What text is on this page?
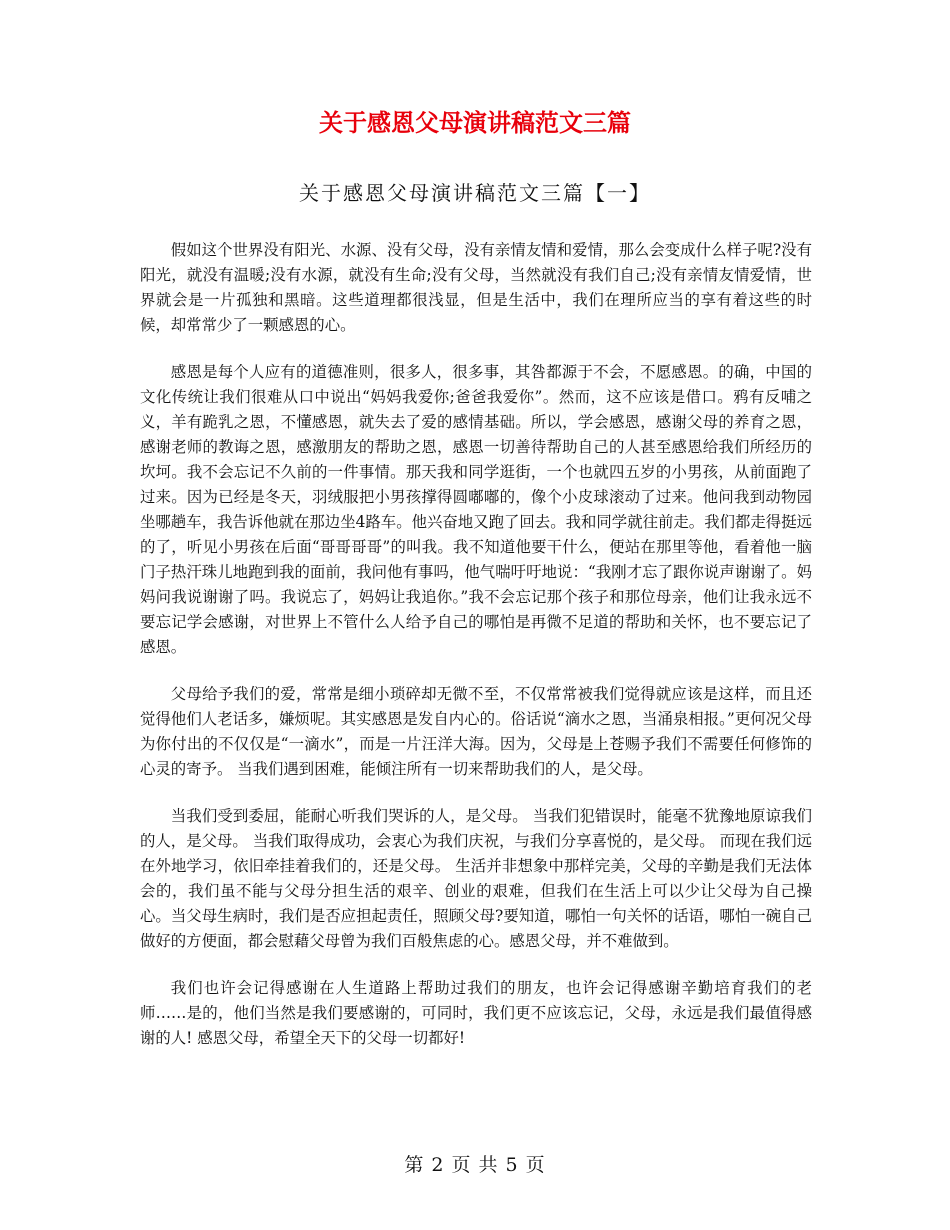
关于感恩父母演讲稿范文三篇
关于感恩父母演讲稿范文三篇【一】

假如这个世界没有阳光、水源、没有父母，没有亲情友情和爱情，那么会变成什么样子呢?没有阳光，就没有温暖;没有水源，就没有生命;没有父母，当然就没有我们自己;没有亲情友情爱情，世界就会是一片孤独和黑暗。这些道理都很浅显，但是生活中，我们在理所应当的享有着这些的时候，却常常少了一颗感恩的心。

感恩是每个人应有的道德准则，很多人，很多事，其咎都源于不会，不愿感恩。的确，中国的文化传统让我们很难从口中说出“妈妈我爱你;爸爸我爱你”。然而，这不应该是借口。鸦有反哺之义，羊有跪乳之恩，不懂感恩，就失去了爱的感情基础。所以，学会感恩，感谢父母的养育之恩，感谢老师的教诲之恩，感激朋友的帮助之恩，感恩一切善待帮助自己的人甚至感恩给我们所经历的坎坷。我不会忘记不久前的一件事情。那天我和同学逛街，一个也就四五岁的小男孩，从前面跑了过来。因为已经是冬天，羽绒服把小男孩撑得圆嘟嘟的，像个小皮球滚动了过来。他问我到动物园坐哪趟车，我告诉他就在那边坐4路车。他兴奋地又跑了回去。我和同学就往前走。我们都走得挺远的了，听见小男孩在后面“哥哥哥哥”的叫我。我不知道他要干什么，便站在那里等他，看着他一脑门子热汗珠儿地跑到我的面前，我问他有事吗，他气喘吁吁地说：“我刚才忘了跟你说声谢谢了。妈妈问我说谢谢了吗。我说忘了，妈妈让我追你。”我不会忘记那个孩子和那位母亲，他们让我永远不要忘记学会感谢，对世界上不管什么人给予自己的哪怕是再微不足道的帮助和关怀，也不要忘记了感恩。

父母给予我们的爱，常常是细小琐碎却无微不至，不仅常常被我们觉得就应该是这样，而且还觉得他们人老话多，嫌烦呢。其实感恩是发自内心的。俗话说“滴水之恩，当涌泉相报。”更何况父母为你付出的不仅仅是“一滴水”，而是一片汪洋大海。因为，父母是上苍赐予我们不需要任何修饰的心灵的寄予。 当我们遇到困难，能倾注所有一切来帮助我们的人，是父母。

当我们受到委屈，能耐心听我们哭诉的人，是父母。 当我们犯错误时，能毫不犹豫地原谅我们的人，是父母。 当我们取得成功，会衷心为我们庆祝，与我们分享喜悦的，是父母。 而现在我们远在外地学习，依旧牵挂着我们的，还是父母。 生活并非想象中那样完美，父母的辛勤是我们无法体会的，我们虽不能与父母分担生活的艰辛、创业的艰难，但我们在生活上可以少让父母为自己操心。当父母生病时，我们是否应担起责任，照顾父母?要知道，哪怕一句关怀的话语，哪怕一碗自己做好的方便面，都会慰藉父母曾为我们百般焦虑的心。感恩父母，并不难做到。

我们也许会记得感谢在人生道路上帮助过我们的朋友，也许会记得感谢辛勤培育我们的老师……是的，他们当然是我们要感谢的，可同时，我们更不应该忘记，父母，永远是我们最值得感谢的人! 感恩父母，希望全天下的父母一切都好!

第 2 页 共 5 页
